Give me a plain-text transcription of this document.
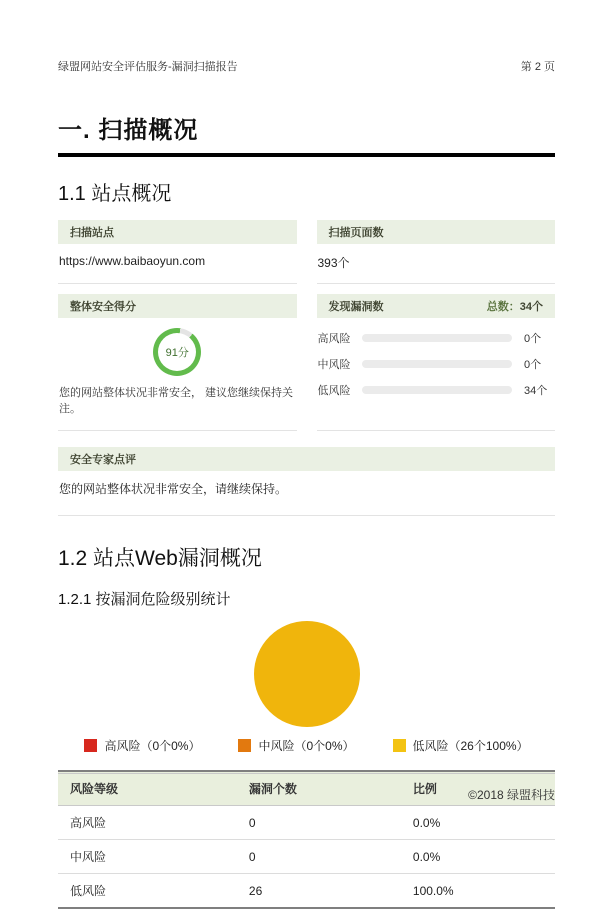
绿盟网站安全评估服务-漏洞扫描报告	第 2 页
一. 扫描概况
1.1 站点概况
扫描站点
https://www.baibaoyun.com
扫描页面数
393个
整体安全得分
91分
您的网站整体状况非常安全， 建议您继续保持关注。
发现漏洞数	总数：34个
高风险	0个
中风险	0个
低风险	34个
安全专家点评
您的网站整体状况非常安全，请继续保持。
1.2 站点Web漏洞概况
1.2.1 按漏洞危险级别统计
高风险（0个0%）	中风险（0个0%）	低风险（26个100%）
风险等级	漏洞个数	比例
高风险	0	0.0%
中风险	0	0.0%
低风险	26	100.0%
©2018 绿盟科技
